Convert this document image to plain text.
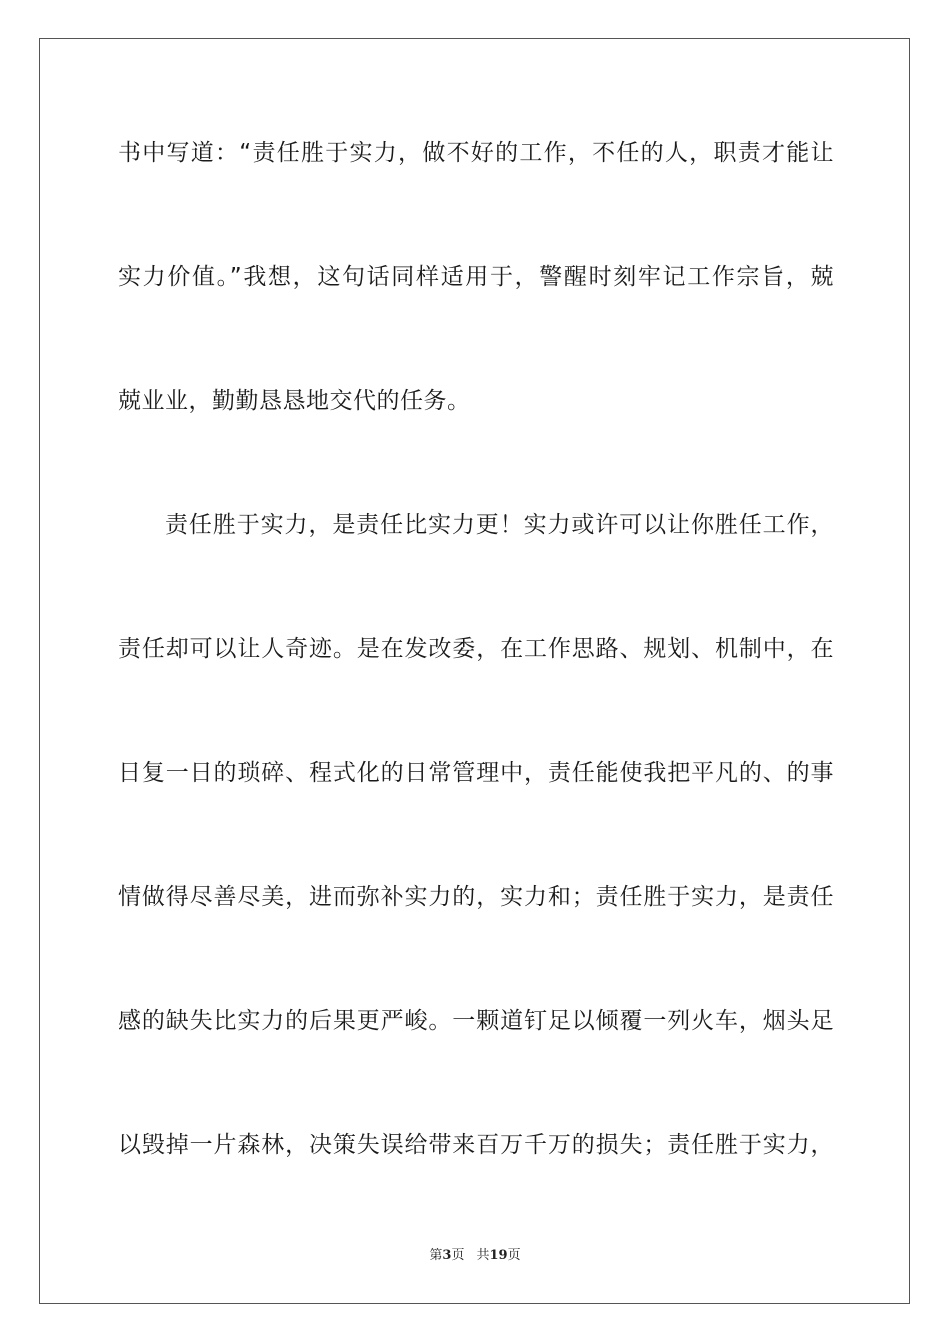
书中写道：“责任胜于实力，做不好的工作，不任的人，职责才能让
实力价值。”我想，这句话同样适用于，警醒时刻牢记工作宗旨，兢
兢业业，勤勤恳恳地交代的任务。
责任胜于实力，是责任比实力更！实力或许可以让你胜任工作，
责任却可以让人奇迹。是在发改委，在工作思路、规划、机制中，在
日复一日的琐碎、程式化的日常管理中，责任能使我把平凡的、的事
情做得尽善尽美，进而弥补实力的，实力和；责任胜于实力，是责任
感的缺失比实力的后果更严峻。一颗道钉足以倾覆一列火车，烟头足
以毁掉一片森林，决策失误给带来百万千万的损失；责任胜于实力，
第3页 共19页
